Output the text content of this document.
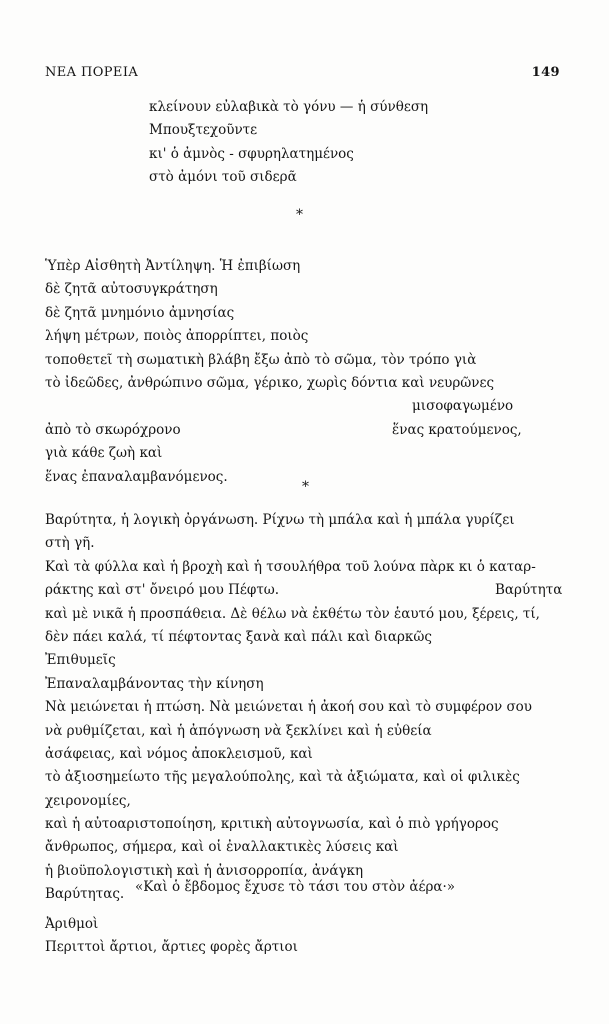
ΝΕΑ ΠΟΡΕΙΑ	149
κλείνουν εὐλαβικὰ τὸ γόνυ — ἡ σύνθεση
Μπουξτεχοῦντε
κι' ὁ ἀμνὸς - σφυρηλατημένος
στὸ ἀμόνι τοῦ σιδερᾶ
*
Ὑπὲρ Αἰσθητὴ Ἀντίληψη. Ἡ ἐπιβίωση
δὲ ζητᾶ αὐτοσυγκράτηση
δὲ ζητᾶ μνημόνιο ἀμνησίας
λήψη μέτρων, ποιὸς ἀπορρίπτει, ποιὸς
τοποθετεῖ τὴ σωματικὴ βλάβη ἔξω ἀπὸ τὸ σῶμα, τὸν τρόπο γιὰ
τὸ ἰδεῶδες, ἀνθρώπινο σῶμα, γέρικο, χωρὶς δόντια καὶ νευρῶνες
μισοφαγωμένο
ἀπὸ τὸ σκωρόχρονο	ἕνας κρατούμενος,
γιὰ κάθε ζωὴ καὶ
ἕνας ἐπαναλαμβανόμενος.
*
Βαρύτητα, ἡ λογικὴ ὀργάνωση. Ρίχνω τὴ μπάλα καὶ ἡ μπάλα γυρίζει
στὴ γῆ.
Καὶ τὰ φύλλα καὶ ἡ βροχὴ καὶ ἡ τσουλήθρα τοῦ λούνα πὰρκ κι ὁ καταρ-
ράκτης καὶ στ' ὄνειρό μου Πέφτω.	Βαρύτητα
καὶ μὲ νικᾶ ἡ προσπάθεια. Δὲ θέλω νὰ ἐκθέτω τὸν ἑαυτό μου, ξέρεις, τί,
δὲν πάει καλά, τί πέφτοντας ξανὰ καὶ πάλι καὶ διαρκῶς
Ἐπιθυμεῖς
Ἐπαναλαμβάνοντας τὴν κίνηση
Νὰ μειώνεται ἡ πτώση. Νὰ μειώνεται ἡ ἀκοή σου καὶ τὸ συμφέρον σου
νὰ ρυθμίζεται, καὶ ἡ ἀπόγνωση νὰ ξεκλίνει καὶ ἡ εὐθεία
ἀσάφειας, καὶ νόμος ἀποκλεισμοῦ, καὶ
τὸ ἀξιοσημείωτο τῆς μεγαλούπολης, καὶ τὰ ἀξιώματα, καὶ οἱ φιλικὲς
χειρονομίες,
καὶ ἡ αὐτοαριστοποίηση, κριτικὴ αὐτογνωσία, καὶ ὁ πιὸ γρήγορος
ἄνθρωπος, σήμερα, καὶ οἱ ἐναλλακτικὲς λύσεις καὶ
ἡ βιοϋπολογιστικὴ καὶ ἡ ἀνισορροπία, ἀνάγκη
Βαρύτητας. «Καὶ ὁ ἔβδομος ἔχυσε τὸ τάσι του στὸν ἀέρα·»
Ἀριθμοὶ
Περιττοὶ ἄρτιοι, ἄρτιες φορὲς ἄρτιοι
